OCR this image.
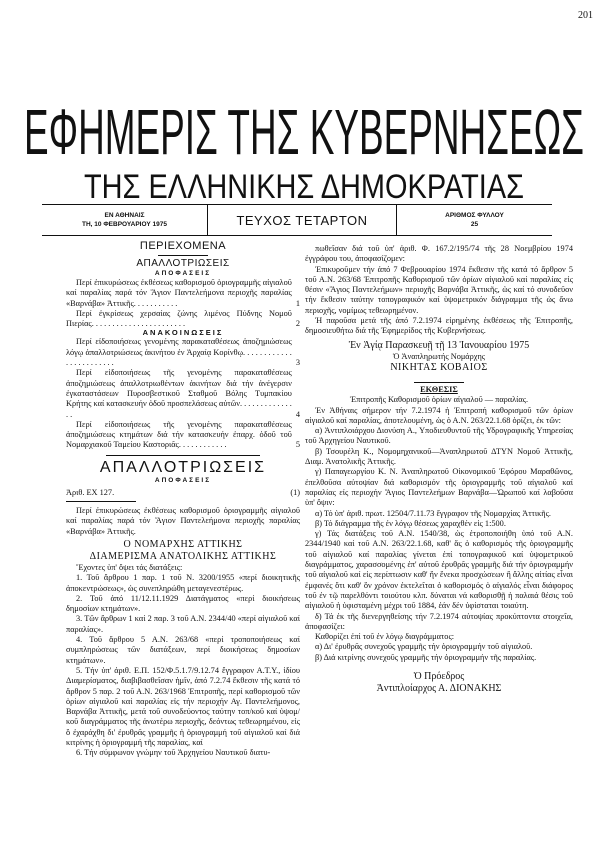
201
ΕΦΗΜΕΡΙΣ ΤΗΣ ΚΥΒΕΡΝΗΣΕΩΣ
ΤΗΣ ΕΛΛΗΝΙΚΗΣ ΔΗΜΟΚΡΑΤΙΑΣ
ΕΝ ΑΘΗΝΑΙΣ
ΤΗ, 10 ΦΕΒΡΟΥΑΡΙΟΥ 1975	ΤΕΥΧΟΣ ΤΕΤΑΡΤΟΝ	ΑΡΙΘΜΟΣ ΦΥΛΛΟΥ
25
ΠΕΡΙΕΧΟΜΕΝΑ
ΑΠΑΛΛΟΤΡΙΩΣΕΙΣ
ΑΠΟΦΑΣΕΙΣ
Περί ἐπικυρώσεως ἐκθέσεως καθορισμοῦ ὁριογραμμῆς αἰγιαλοῦ καί παραλίας παρά τόν Ἅγιον Παντελεήμονα περιοχῆς παραλίας «Βαρνάβα» Ἀττικῆς. . . . . . . . . . .	1
Περί ἐγκρίσεως χερσαίας ζώνης λιμένος Πύδνης Νομοῦ Πιερίας. . . . . . . . . . . . . . . . . . . . . . .	2
ΑΝΑΚΟΙΝΩΣΕΙΣ
Περί εἰδοποιήσεως γενομένης παρακαταθέσεως ἀποζημιώσεως λόγῳ ἀπαλλοτριώσεως ἀκινήτου ἐν Ἀρχαίᾳ Κορίνθῳ. . . . . . . . . . . . . . . . . . . . . . . .	3
Περί εἰδοποιήσεως τῆς γενομένης παρακαταθέσεως ἀποζημιώσεως ἀπαλλοτριωθέντων ἀκινήτων διά τήν ἀνέγερσιν ἐγκαταστάσεων Πυροσβεστικοῦ Σταθμοῦ Βόλης Τυμπακίου Κρήτης καί κατασκευήν ὁδοῦ προσπελάσεως αὐτῶν. . . . . . . . . . . . . . .	4
Περί εἰδοποιήσεως τῆς γενομένης παρακαταθέσεως ἀποζημιώσεως κτημάτων διά τήν κατασκευήν ἐπαρχ. ὁδοῦ τοῦ Νομαρχιακοῦ Ταμείου Καστοριᾶς. . . . . . . . . . . .	5
ΑΠΑΛΛΟΤΡΙΩΣΕΙΣ
ΑΠΟΦΑΣΕΙΣ
Ἀριθ. ΕΧ 127.	(1)
Περί ἐπικυρώσεως ἐκθέσεως καθορισμοῦ ὁριογραμμῆς αἰγιαλοῦ καί παραλίας παρά τόν Ἅγιον Παντελεήμονα περιοχῆς παραλίας «Βαρνάβα» Ἀττικῆς.
Ο ΝΟΜΑΡΧΗΣ ΑΤΤΙΚΗΣ
ΔΙΑΜΕΡΙΣΜΑ ΑΝΑΤΟΛΙΚΗΣ ΑΤΤΙΚΗΣ
Ἔχοντες ὑπ' ὄψει τάς διατάξεις:
1. Τοῦ ἄρθρου 1 παρ. 1 τοῦ Ν. 3200/1955 «περί διοικητικῆς ἀποκεντρώσεως», ὡς συνεπληρώθη μεταγενεστέρως.
2. Τοῦ ἀπό 11/12.11.1929 Διατάγματος «περί διοικήσεως δημοσίων κτημάτων».
3. Τῶν ἄρθρων 1 καί 2 παρ. 3 τοῦ Α.Ν. 2344/40 «περί αἰγιαλοῦ καί παραλίας».
4. Τοῦ ἄρθρου 5 Α.Ν. 263/68 «περί τροποποιήσεως καί συμπληρώσεως τῶν διατάξεων, περί διοικήσεως δημοσίων κτημάτων».
5. Τήν ὑπ' ἀριθ. Ε.Π. 152/Φ.5.1.7/9.12.74 ἔγγραφον Α.Τ.Υ., ἰδίου Διαμερίσματος, διαβιβασθεῖσαν ἡμῖν, ἀπό 7.2.74 ἔκθεσιν τῆς κατά τό ἄρθρον 5 παρ. 2 τοῦ Α.Ν. 263/1968 Ἐπιτροπῆς, περί καθορισμοῦ τῶν ὁρίων αἰγιαλοῦ καί παραλίας εἰς τήν περιοχήν Αγ. Παντελεήμονος, Βαρνάβα Ἀττικῆς, μετά τοῦ συνοδεύοντος ταύτην τοπ/κοῦ καί ὑψομ/κοῦ διαγράμματος τῆς ἀνωτέρω περιοχῆς, δεόντως τεθεωρημένου, εἰς ὃ ἐχαράχθη δι' ἐρυθρᾶς γραμμῆς ἡ ὁριογραμμή τοῦ αἰγιαλοῦ καί διά κιτρίνης ἡ ὁριογραμμή τῆς παραλίας, καί
6. Τήν σύμφωνον γνώμην τοῦ Ἀρχηγείου Ναυτικοῦ διατυ-
πωθεῖσαν διά τοῦ ὑπ' ἀριθ. Φ. 167.2/195/74 τῆς 28 Νοεμβρίου 1974 ἐγγράφου του, ἀποφασίζομεν:
Ἐπικυροῦμεν τήν ἀπό 7 Φεβρουαρίου 1974 ἔκθεσιν τῆς κατά τό ἄρθρον 5 τοῦ Α.Ν. 263/68 Ἐπιτροπῆς Καθορισμοῦ τῶν ὁρίων αἰγιαλοῦ καί παραλίας εἰς θέσιν «Ἅγιος Παντελεήμων» περιοχῆς Βαρνάβα Ἀττικῆς, ὡς καί τό συνοδεῦον τήν ἔκθεσιν ταύτην τοπογραφικόν καί ὑψομετρικόν διάγραμμα τῆς ὡς ἄνω περιοχῆς, νομίμως τεθεωρημένον.
Ἡ παροῦσα μετά τῆς ἀπό 7.2.1974 εἰρημένης ἐκθέσεως τῆς Ἐπιτροπῆς, δημοσιευθήτω διά τῆς Ἐφημερίδος τῆς Κυβερνήσεως.
Ἐν Ἁγίᾳ Παρασκευῇ τῇ 13 Ἰανουαρίου 1975
Ὁ Ἀναπληρωτής Νομάρχης
ΝΙΚΗΤΑΣ ΚΟΒΑΙΟΣ
ΕΚΘΕΣΙΣ
Ἐπιτροπῆς Καθορισμοῦ ὁρίων αἰγιαλοῦ — παραλίας.
Ἐν Ἀθήναις σήμερον τήν 7.2.1974 ἡ Ἐπιτροπή καθορισμοῦ τῶν ὁρίων αἰγιαλοῦ καί παραλίας, ἀποτελουμένη, ὡς ὁ Α.Ν. 263/22.1.68 ὁρίζει, ἐκ τῶν:
α) Ἀντιπλοιάρχου Διονύση Α., Υποδιευθυντοῦ τῆς Υδρογραφικῆς Υπηρεσίας τοῦ Ἀρχηγείου Ναυτικοῦ.
β) Τσουρέλη Κ., Νομομηχανικοῦ—Ἀναπληρωτοῦ ΔΤΥΝ Νομοῦ Ἀττικῆς, Διαμ. Ἀνατολικῆς Ἀττικῆς.
γ) Παπαγεωργίου Κ. Ν. Ἀναπληρωτοῦ Οἰκονομικοῦ Ἐφόρου Μαραθῶνος, ἐπελθοῦσα αὐτοψίαν διά καθορισμόν τῆς ὁριογραμμῆς τοῦ αἰγιαλοῦ καί παραλίας εἰς περιοχήν Ἅγιος Παντελεήμων Βαρνάβα—Ὠρωποῦ καί λαβοῦσα ὑπ' ὄψιν:
α) Τό ὑπ' ἀριθ. πρωτ. 12504/7.11.73 ἔγγραφον τῆς Νομαρχίας Ἀττικῆς.
β) Τό διάγραμμα τῆς ἐν λόγῳ θέσεως χαραχθέν εἰς 1:500.
γ) Τάς διατάξεις τοῦ Α.Ν. 1540/38, ὡς ἐτροποποιήθη ὑπό τοῦ Α.Ν. 2344/1940 καί τοῦ Α.Ν. 263/22.1.68, καθ' ἅς ὁ καθορισμός τῆς ὁριογραμμῆς τοῦ αἰγιαλοῦ καί παραλίας γίνεται ἐπί τοπογραφικοῦ καί ὑψομετρικοῦ διαγράμματος, χαρασσομένης ἐπ' αὐτοῦ ἐρυθρᾶς γραμμῆς διά τήν ὁριογραμμήν τοῦ αἰγιαλοῦ καί εἰς περίπτωσιν καθ' ἥν ἕνεκα προσχώσεων ἢ ἄλλης αἰτίας εἶναι ἐμφανές ὅτι καθ' ὃν χρόνον ἐκτελεῖται ὁ καθορισμός ὁ αἰγιαλός εἶναι διάφορος τοῦ ἐν τῷ παρελθόντι τοιούτου κλπ. δύναται νά καθορισθῇ ἡ παλαιά θέσις τοῦ αἰγιαλοῦ ἡ ὑφισταμένη μέχρι τοῦ 1884, ἐάν δέν ὑφίσταται τοιαύτη.
δ) Τά ἐκ τῆς διενεργηθείσης τήν 7.2.1974 αὐτοψίας προκύπτοντα στοιχεῖα, ἀποφασίζει:
Καθορίζει ἐπί τοῦ ἐν λόγῳ διαγράμματος:
α) Δι' ἐρυθρᾶς συνεχοῦς γραμμῆς τήν ὁριογραμμήν τοῦ αἰγιαλοῦ.
β) Διά κιτρίνης συνεχοῦς γραμμῆς τήν ὁριογραμμήν τῆς παραλίας.
Ὁ Πρόεδρος
Ἀντιπλοίαρχος Α. ΔΙΟΝΑΚΗΣ
